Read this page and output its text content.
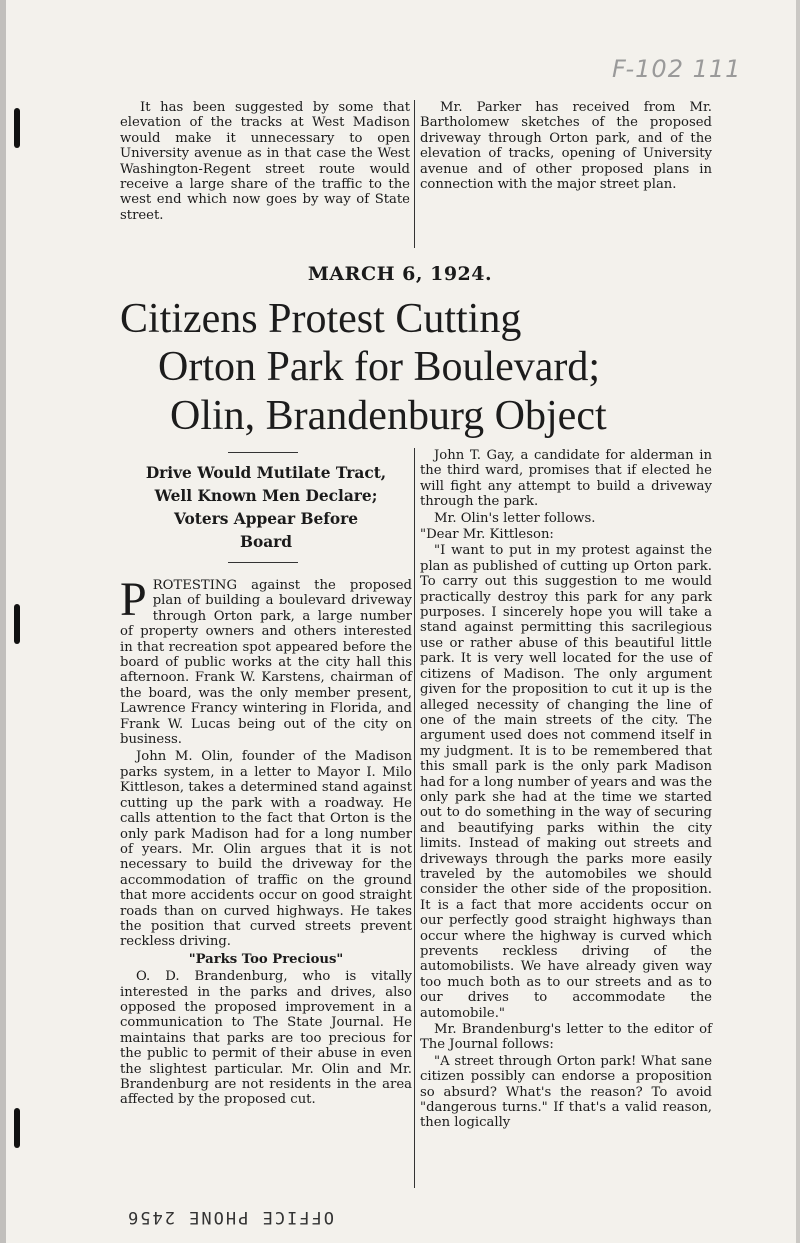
F-102 111

It has been suggested by some that elevation of the tracks at West Madison would make it unnecessary to open University avenue as in that case the West Washington-Regent street route would receive a large share of the traffic to the west end which now goes by way of State street.

Mr. Parker has received from Mr. Bartholomew sketches of the proposed driveway through Orton park, and of the elevation of tracks, opening of University avenue and of other proposed plans in connection with the major street plan.

MARCH 6, 1924.
Citizens Protest Cutting
Orton Park for Boulevard;
Olin, Brandenburg Object
Drive Would Mutilate Tract,
Well Known Men Declare;
Voters Appear Before
Board

PROTESTING against the proposed plan of building a boulevard driveway through Orton park, a large number of property owners and others interested in that recreation spot appeared before the board of public works at the city hall this afternoon. Frank W. Karstens, chairman of the board, was the only member present, Lawrence Francy wintering in Florida, and Frank W. Lucas being out of the city on business.

John M. Olin, founder of the Madison parks system, in a letter to Mayor I. Milo Kittleson, takes a determined stand against cutting up the park with a roadway. He calls attention to the fact that Orton is the only park Madison had for a long number of years. Mr. Olin argues that it is not necessary to build the driveway for the accommodation of traffic on the ground that more accidents occur on good straight roads than on curved highways. He takes the position that curved streets prevent reckless driving.

"Parks Too Precious"

O. D. Brandenburg, who is vitally interested in the parks and drives, also opposed the proposed improvement in a communication to The State Journal. He maintains that parks are too precious for the public to permit of their abuse in even the slightest particular. Mr. Olin and Mr. Brandenburg are not residents in the area affected by the proposed cut.

John T. Gay, a candidate for alderman in the third ward, promises that if elected he will fight any attempt to build a driveway through the park.

Mr. Olin's letter follows.

"Dear Mr. Kittleson:

"I want to put in my protest against the plan as published of cutting up Orton park. To carry out this suggestion to me would practically destroy this park for any park purposes. I sincerely hope you will take a stand against permitting this sacrilegious use or rather abuse of this beautiful little park. It is very well located for the use of citizens of Madison. The only argument given for the proposition to cut it up is the alleged necessity of changing the line of one of the main streets of the city. The argument used does not commend itself in my judgment. It is to be remembered that this small park is the only park Madison had for a long number of years and was the only park she had at the time we started out to do something in the way of securing and beautifying parks within the city limits. Instead of making out streets and driveways through the parks more easily traveled by the automobiles we should consider the other side of the proposition. It is a fact that more accidents occur on our perfectly good straight highways than occur where the highway is curved which prevents reckless driving of the automobilists. We have already given way too much both as to our streets and as to our drives to accommodate the automobile."

Mr. Brandenburg's letter to the editor of The Journal follows:

"A street through Orton park! What sane citizen possibly can endorse a proposition so absurd? What's the reason? To avoid "dangerous turns." If that's a valid reason, then logically

OFFICE PHONE 2456
